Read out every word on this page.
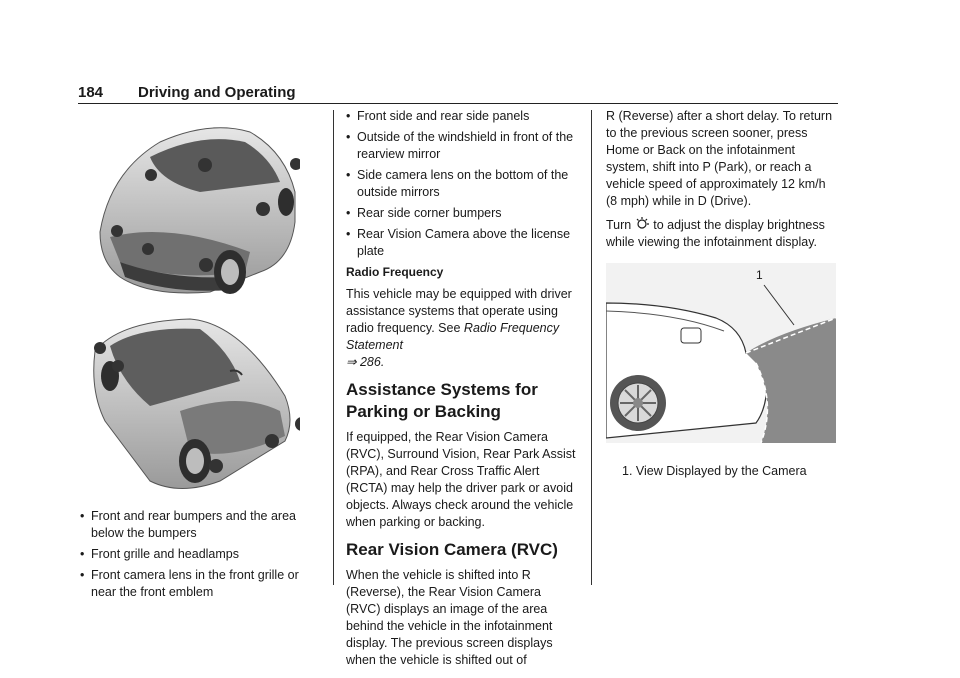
184 Driving and Operating
• Front and rear bumpers and the area below the bumpers
• Front grille and headlamps
• Front camera lens in the front grille or near the front emblem
• Front side and rear side panels
• Outside of the windshield in front of the rearview mirror
• Side camera lens on the bottom of the outside mirrors
• Rear side corner bumpers
• Rear Vision Camera above the license plate
Radio Frequency

This vehicle may be equipped with driver assistance systems that operate using radio frequency. See Radio Frequency Statement
⇒ 286.

Assistance Systems for Parking or Backing

If equipped, the Rear Vision Camera (RVC), Surround Vision, Rear Park Assist (RPA), and Rear Cross Traffic Alert (RCTA) may help the driver park or avoid objects. Always check around the vehicle when parking or backing.

Rear Vision Camera (RVC)

When the vehicle is shifted into R (Reverse), the Rear Vision Camera (RVC) displays an image of the area behind the vehicle in the infotainment display. The previous screen displays when the vehicle is shifted out of

R (Reverse) after a short delay. To return to the previous screen sooner, press Home or Back on the infotainment system, shift into P (Park), or reach a vehicle speed of approximately 12 km/h (8 mph) while in D (Drive).

Turn to adjust the display brightness while viewing the infotainment display.

1
1. View Displayed by the Camera
